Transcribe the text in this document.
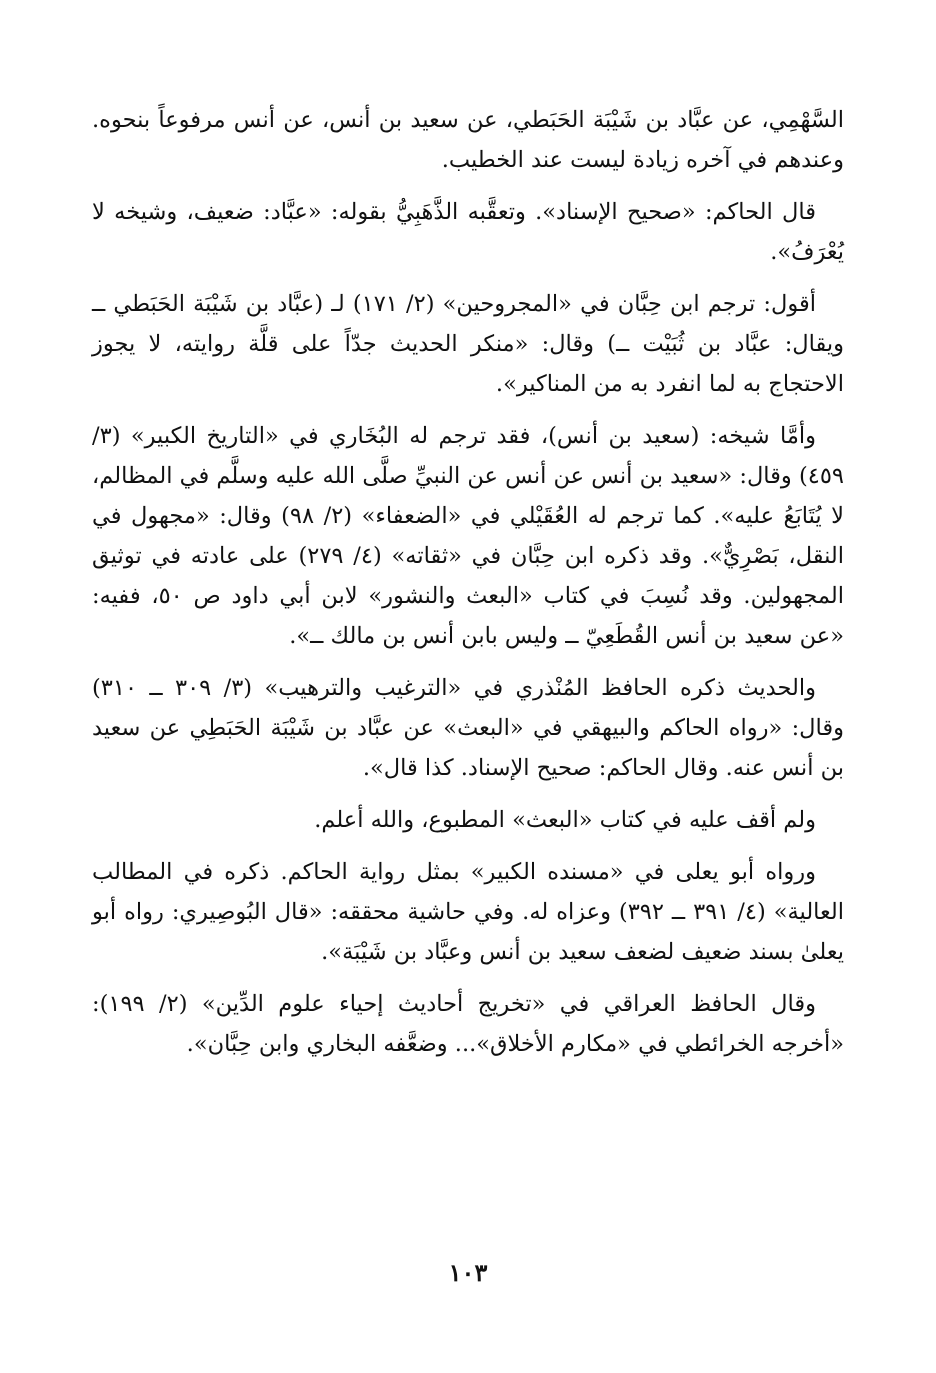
السَّهْمِي، عن عبَّاد بن شَيْبَة الحَبَطي، عن سعيد بن أنس، عن أنس مرفوعاً بنحوه. وعندهم في آخره زيادة ليست عند الخطيب.

قال الحاكم: «صحيح الإسناد». وتعقَّبه الذَّهَبِيُّ بقوله: «عبَّاد: ضعيف، وشيخه لا يُعْرَفُ».

أقول: ترجم ابن حِبَّان في «المجروحين» (٢/ ١٧١) لـ (عبَّاد بن شَيْبَة الحَبَطي ــ ويقال: عبَّاد بن ثُبَيْت ــ) وقال: «منكر الحديث جدّاً على قلَّة روايته، لا يجوز الاحتجاج به لما انفرد به من المناكير».

وأمَّا شيخه: (سعيد بن أنس)، فقد ترجم له البُخَاري في «التاريخ الكبير» (٣/ ٤٥٩) وقال: «سعيد بن أنس عن أنس عن النبيِّ صلَّى الله عليه وسلَّم في المظالم، لا يُتَابَعُ عليه». كما ترجم له العُقَيْلي في «الضعفاء» (٢/ ٩٨) وقال: «مجهول في النقل، بَصْرِيٌّ». وقد ذكره ابن حِبَّان في «ثقاته» (٤/ ٢٧٩) على عادته في توثيق المجهولين. وقد نُسِبَ في كتاب «البعث والنشور» لابن أبي داود ص ٥٠، ففيه: «عن سعيد بن أنس القُطَعِيّ ــ وليس بابن أنس بن مالك ــ».

والحديث ذكره الحافظ المُنْذري في «الترغيب والترهيب» (٣/ ٣٠٩ ــ ٣١٠) وقال: «رواه الحاكم والبيهقي في «البعث» عن عبَّاد بن شَيْبَة الحَبَطِي عن سعيد بن أنس عنه. وقال الحاكم: صحيح الإسناد. كذا قال».

ولم أقف عليه في كتاب «البعث» المطبوع، والله أعلم.

ورواه أبو يعلى في «مسنده الكبير» بمثل رواية الحاكم. ذكره في المطالب العالية» (٤/ ٣٩١ ــ ٣٩٢) وعزاه له. وفي حاشية محققه: «قال البُوصِيري: رواه أبو يعلىٰ بسند ضعيف لضعف سعيد بن أنس وعبَّاد بن شَيْبَة».

وقال الحافظ العراقي في «تخريج أحاديث إحياء علوم الدِّين» (٢/ ١٩٩): «أخرجه الخرائطي في «مكارم الأخلاق»... وضعَّفه البخاري وابن حِبَّان».

١٠٣
